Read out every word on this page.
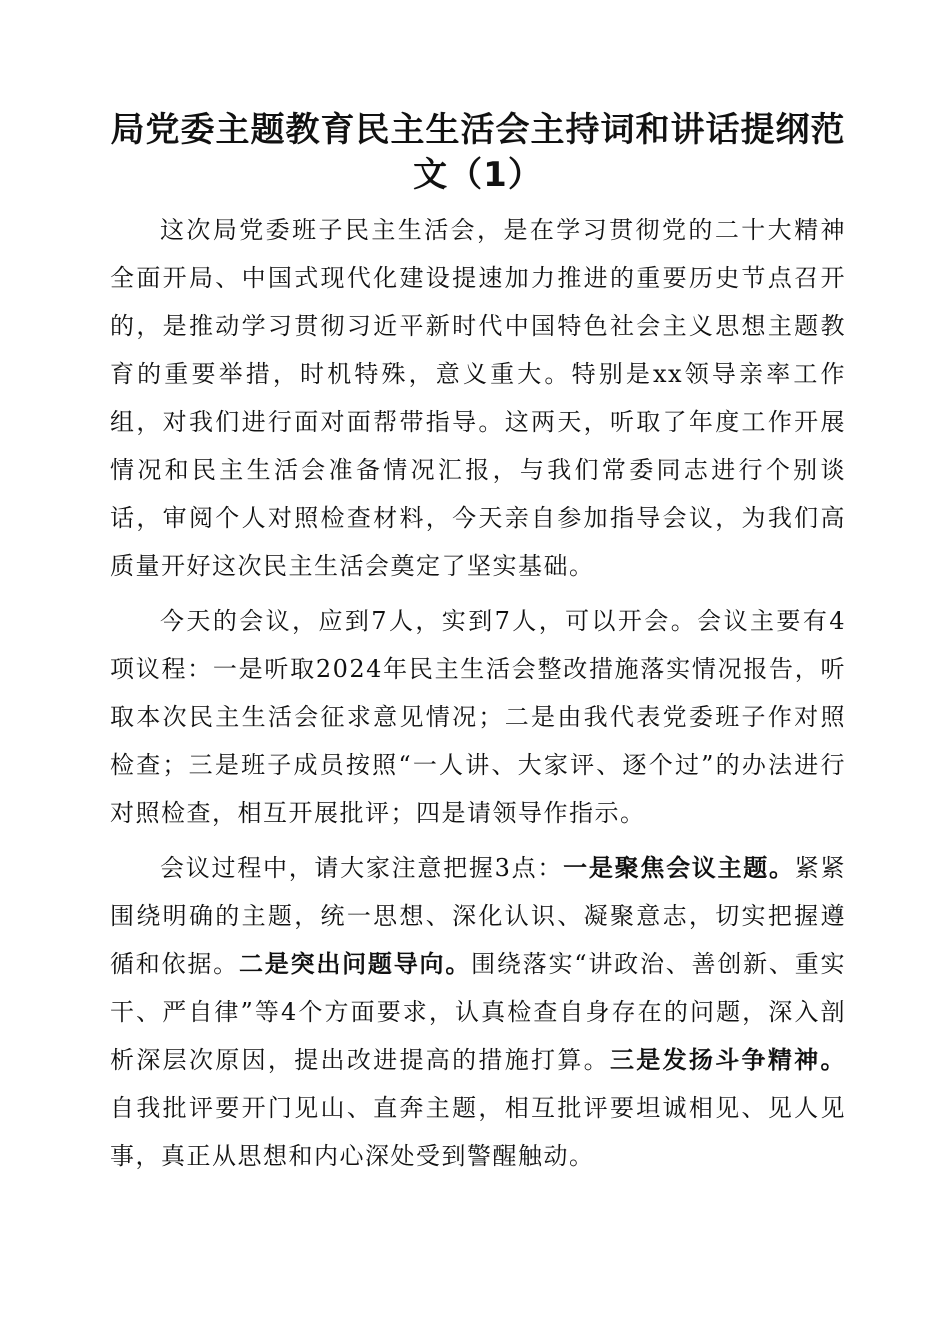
局党委主题教育民主生活会主持词和讲话提纲范
文（1）

这次局党委班子民主生活会，是在学习贯彻党的二十大精神全面开局、中国式现代化建设提速加力推进的重要历史节点召开的，是推动学习贯彻习近平新时代中国特色社会主义思想主题教育的重要举措，时机特殊，意义重大。特别是xx领导亲率工作组，对我们进行面对面帮带指导。这两天，听取了年度工作开展情况和民主生活会准备情况汇报，与我们常委同志进行个别谈话，审阅个人对照检查材料，今天亲自参加指导会议，为我们高质量开好这次民主生活会奠定了坚实基础。

今天的会议，应到7人，实到7人，可以开会。会议主要有4项议程：一是听取2024年民主生活会整改措施落实情况报告，听取本次民主生活会征求意见情况；二是由我代表党委班子作对照检查；三是班子成员按照“一人讲、大家评、逐个过”的办法进行对照检查，相互开展批评；四是请领导作指示。

会议过程中，请大家注意把握3点：一是聚焦会议主题。紧紧围绕明确的主题，统一思想、深化认识、凝聚意志，切实把握遵循和依据。二是突出问题导向。围绕落实“讲政治、善创新、重实干、严自律”等4个方面要求，认真检查自身存在的问题，深入剖析深层次原因，提出改进提高的措施打算。三是发扬斗争精神。自我批评要开门见山、直奔主题，相互批评要坦诚相见、见人见事，真正从思想和内心深处受到警醒触动。
